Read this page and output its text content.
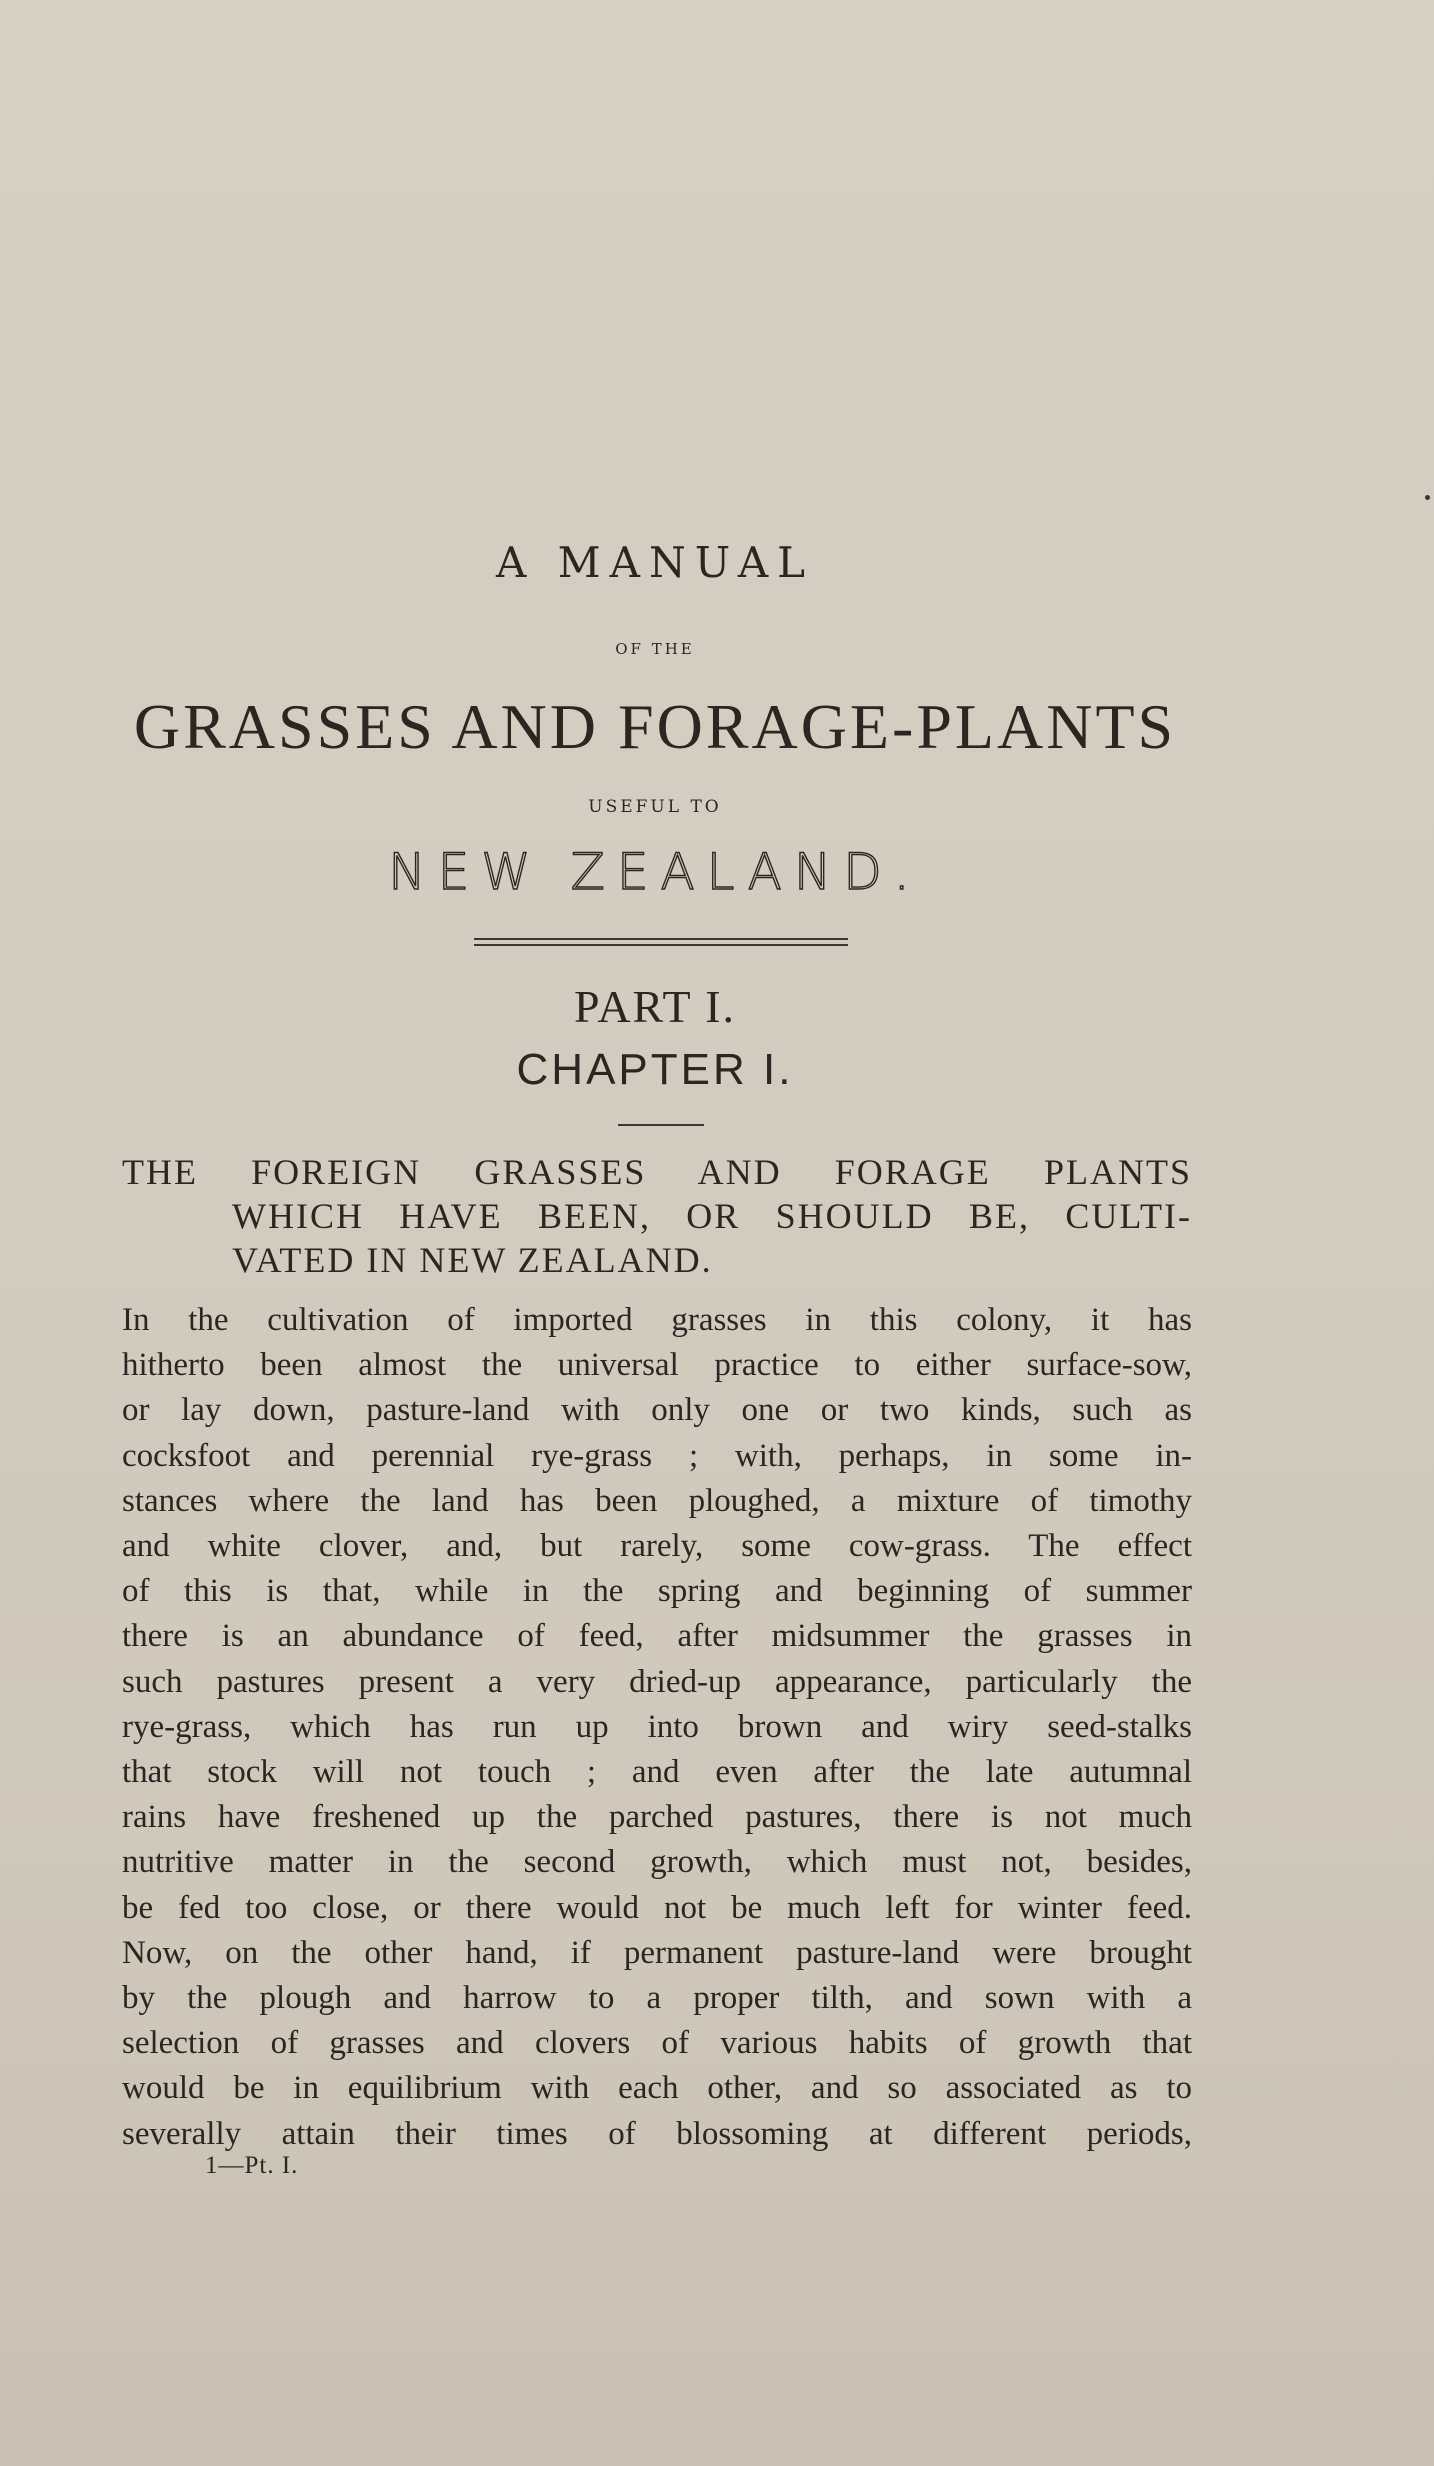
A MANUAL
OF THE
GRASSES AND FORAGE-PLANTS
USEFUL TO
NEW ZEALAND.
PART I.
CHAPTER I.
THE FOREIGN GRASSES AND FORAGE PLANTS
WHICH HAVE BEEN, OR SHOULD BE, CULTI-
VATED IN NEW ZEALAND.
In the cultivation of imported grasses in this colony, it has
hitherto been almost the universal practice to either surface-sow,
or lay down, pasture-land with only one or two kinds, such as
cocksfoot and perennial rye-grass ; with, perhaps, in some in-
stances where the land has been ploughed, a mixture of timothy
and white clover, and, but rarely, some cow-grass. The effect
of this is that, while in the spring and beginning of summer
there is an abundance of feed, after midsummer the grasses in
such pastures present a very dried-up appearance, particularly the
rye-grass, which has run up into brown and wiry seed-stalks
that stock will not touch ; and even after the late autumnal
rains have freshened up the parched pastures, there is not much
nutritive matter in the second growth, which must not, besides,
be fed too close, or there would not be much left for winter feed.
Now, on the other hand, if permanent pasture-land were brought
by the plough and harrow to a proper tilth, and sown with a
selection of grasses and clovers of various habits of growth that
would be in equilibrium with each other, and so associated as to
severally attain their times of blossoming at different periods,
1—Pt. I.
